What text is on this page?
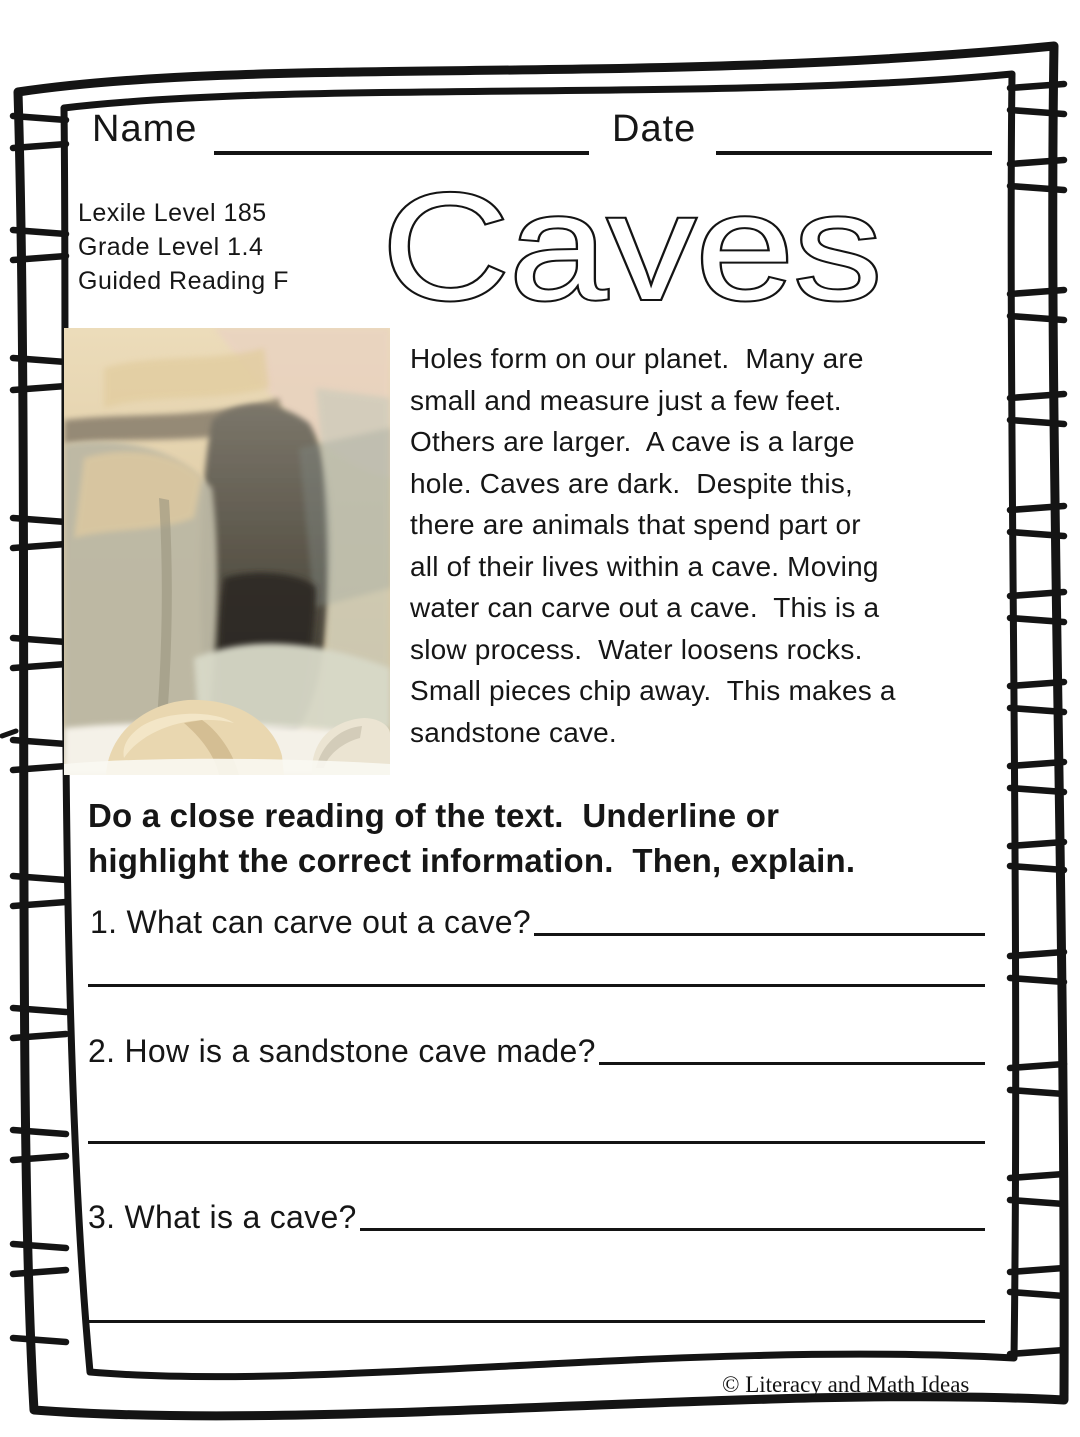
Name	Date
Lexile Level 185
Grade Level 1.4
Guided Reading F Caves
Holes form on our planet.  Many are
small and measure just a few feet.
Others are larger.  A cave is a large
hole. Caves are dark.  Despite this,
there are animals that spend part or
all of their lives within a cave. Moving
water can carve out a cave.  This is a
slow process.  Water loosens rocks.
Small pieces chip away.  This makes a
sandstone cave.
Do a close reading of the text.  Underline or
highlight the correct information.  Then, explain.
1. What can carve out a cave?
2. How is a sandstone cave made?
3. What is a cave?
© Literacy and Math Ideas
